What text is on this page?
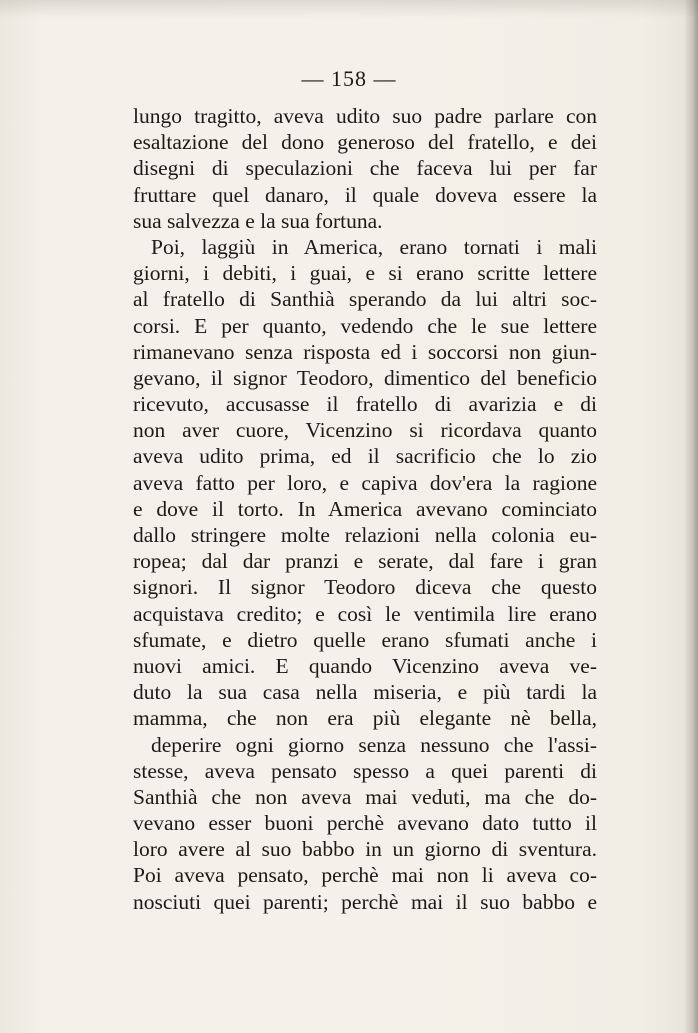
— 158 —
lungo tragitto, aveva udito suo padre parlare con
esaltazione del dono generoso del fratello, e dei
disegni di speculazioni che faceva lui per far
fruttare quel danaro, il quale doveva essere la
sua salvezza e la sua fortuna.
Poi, laggiù in America, erano tornati i mali
giorni, i debiti, i guai, e si erano scritte lettere
al fratello di Santhià sperando da lui altri soc-
corsi. E per quanto, vedendo che le sue lettere
rimanevano senza risposta ed i soccorsi non giun-
gevano, il signor Teodoro, dimentico del beneficio
ricevuto, accusasse il fratello di avarizia e di
non aver cuore, Vicenzino si ricordava quanto
aveva udito prima, ed il sacrificio che lo zio
aveva fatto per loro, e capiva dov'era la ragione
e dove il torto. In America avevano cominciato
dallo stringere molte relazioni nella colonia eu-
ropea; dal dar pranzi e serate, dal fare i gran
signori. Il signor Teodoro diceva che questo
acquistava credito; e così le ventimila lire erano
sfumate, e dietro quelle erano sfumati anche i
nuovi amici. E quando Vicenzino aveva ve-
duto la sua casa nella miseria, e più tardi la
mamma, che non era più elegante nè bella,
deperire ogni giorno senza nessuno che l'assi-
stesse, aveva pensato spesso a quei parenti di
Santhià che non aveva mai veduti, ma che do-
vevano esser buoni perchè avevano dato tutto il
loro avere al suo babbo in un giorno di sventura.
Poi aveva pensato, perchè mai non li aveva co-
nosciuti quei parenti; perchè mai il suo babbo e
